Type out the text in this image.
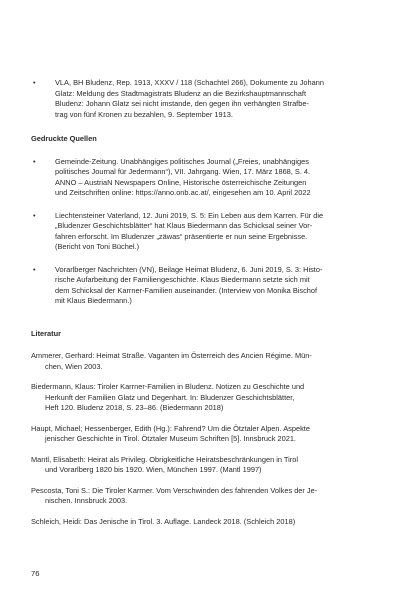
•	VLA, BH Bludenz, Rep. 1913, XXXV / 118 (Schachtel 266), Dokumente zu Johann
Glatz: Meldung des Stadtmagistrats Bludenz an die Bezirkshauptmannschaft
Bludenz: Johann Glatz sei nicht imstande, den gegen ihn verhängten Strafbe-
trag von fünf Kronen zu bezahlen, 9. September 1913.
Gedruckte Quellen
•	Gemeinde-Zeitung. Unabhängiges politisches Journal („Freies, unabhängiges
politisches Journal für Jedermann“), VII. Jahrgang. Wien, 17. März 1868, S. 4.
ANNO – AustriaN Newspapers Online, Historische österreichische Zeitungen
und Zeitschriften online: https://anno.onb.ac.at/, eingesehen am 10. April 2022
•	Liechtensteiner Vaterland, 12. Juni 2019, S. 5: Ein Leben aus dem Karren. Für die
„Bludenzer Geschichtsblätter“ hat Klaus Biedermann das Schicksal seiner Vor-
fahren erforscht. Im Bludenzer „zäwas“ präsentierte er nun seine Ergebnisse.
(Bericht von Toni Büchel.)
•	Vorarlberger Nachrichten (VN), Beilage Heimat Bludenz, 6. Juni 2019, S. 3: Histo-
rische Aufarbeitung der Familiengeschichte. Klaus Biedermann setzte sich mit
dem Schicksal der Karrner-Familien auseinander. (Interview von Monika Bischof
mit Klaus Biedermann.)
Literatur
Ammerer, Gerhard: Heimat Straße. Vaganten im Österreich des Ancien Régime. Mün-
chen, Wien 2003.
Biedermann, Klaus: Tiroler Karrner-Familien in Bludenz. Notizen zu Geschichte und
Herkunft der Familien Glatz und Degenhart. In: Bludenzer Geschichtsblätter,
Heft 120. Bludenz 2018, S. 23–86. (Biedermann 2018)
Haupt, Michael; Hessenberger, Edith (Hg.): Fahrend? Um die Ötztaler Alpen. Aspekte
jenischer Geschichte in Tirol. Ötztaler Museum Schriften [5]. Innsbruck 2021.
Mantl, Elisabeth: Heirat als Privileg. Obrigkeitliche Heiratsbeschränkungen in Tirol
und Vorarlberg 1820 bis 1920. Wien, München 1997. (Mantl 1997)
Pescosta, Toni S.: Die Tiroler Karrner. Vom Verschwinden des fahrenden Volkes der Je-
nischen. Innsbruck 2003.
Schleich, Heidi: Das Jenische in Tirol. 3. Auflage. Landeck 2018. (Schleich 2018)
76
